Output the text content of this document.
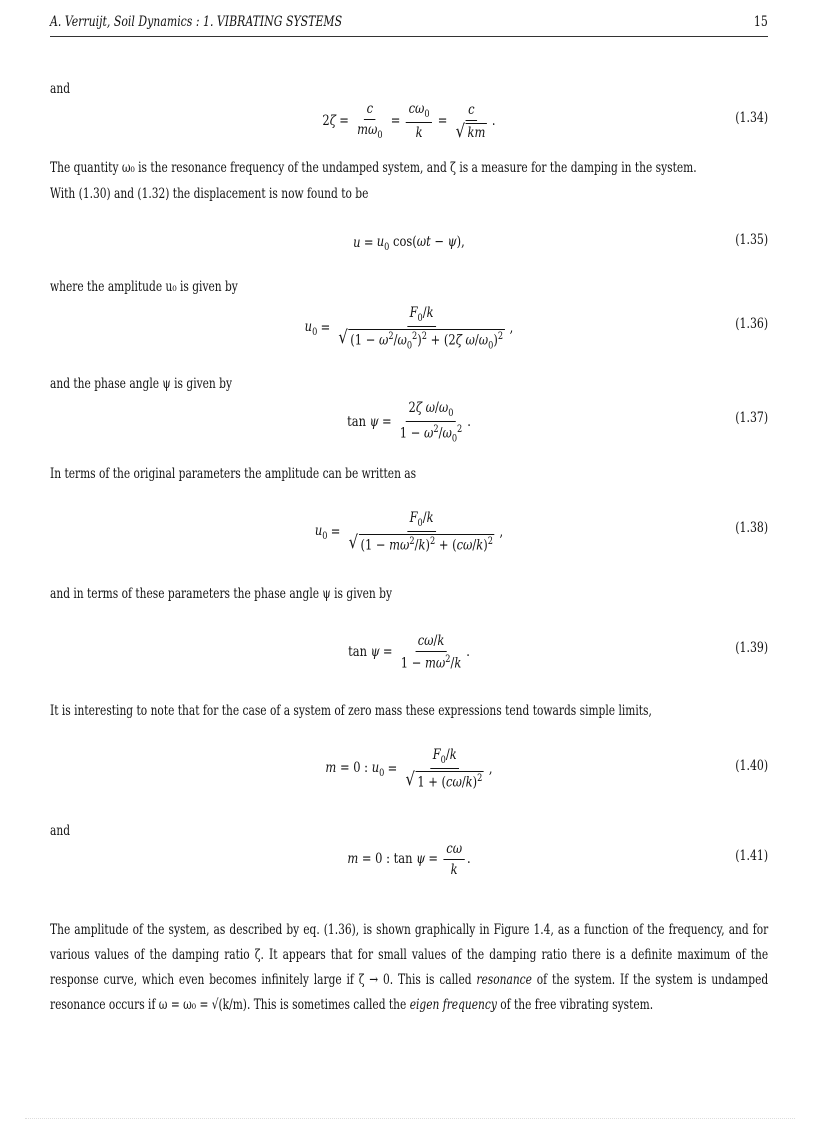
A. Verruijt, Soil Dynamics : 1. VIBRATING SYSTEMS	15
and
$2\zeta = \frac{c}{m\omega_0} = \frac{c\omega_0}{k} = \frac{c}{√ km}$ .	(1.34)
The quantity ω₀ is the resonance frequency of the undamped system, and ζ is a measure for the damping in the system.
With (1.30) and (1.32) the displacement is now found to be
$u = u_0$ cos(ωt − ψ),	(1.35)
where the amplitude u₀ is given by
$u_0 = \frac{F_0/k}{√ (1 - \omega^2/\omega_0^2)^2 + (2\zeta \omega/\omega_0)^2}$ ,	(1.36)
and the phase angle ψ is given by
$\tan \psi = \frac{2\zeta \omega/\omega_0}{1 - \omega^2/\omega_0^2}$ .	(1.37)
In terms of the original parameters the amplitude can be written as
$u_0 = \frac{F_0/k}{√ (1 - m\omega^2/k)^2 + (c\omega/k)^2}$ ,	(1.38)
and in terms of these parameters the phase angle ψ is given by
$\tan \psi = \frac{c\omega/k}{1 - m\omega^2/k}$ .	(1.39)
It is interesting to note that for the case of a system of zero mass these expressions tend towards simple limits,
m = 0 : $u_0 = \frac{F_0/k}{√ 1 + (c\omega/k)^2}$ ,	(1.40)
and
m = 0 : $\tan \psi = \frac{c\omega}{k}$ .	(1.41)
The amplitude of the system, as described by eq. (1.36), is shown graphically in Figure 1.4, as a function of the frequency, and for various values of the damping ratio ζ. It appears that for small values of the damping ratio there is a definite maximum of the response curve, which even becomes infinitely large if ζ → 0. This is called resonance of the system. If the system is undamped resonance occurs if ω = ω₀ = √(k/m). This is sometimes called the eigen frequency of the free vibrating system.
